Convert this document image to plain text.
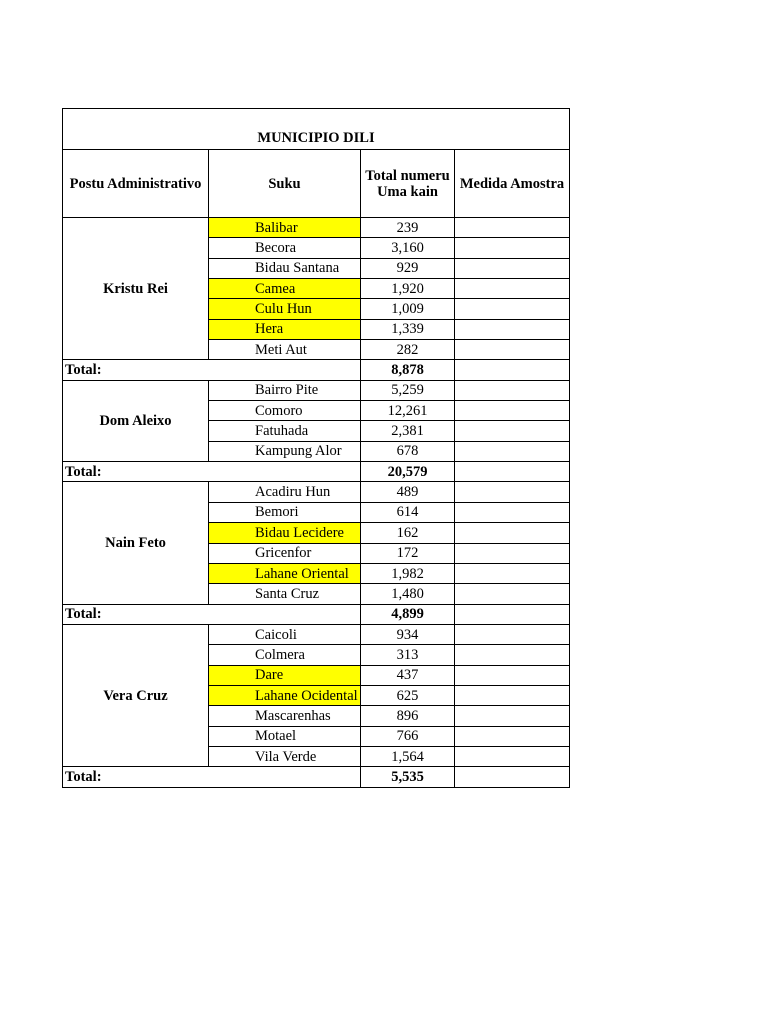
MUNICIPIO DILI			
Postu Administrativo	Suku	Total numeru
Uma kain	Medida Amostra
Kristu Rei	Balibar	239	
	Becora	3,160	
	Bidau Santana	929	
	Camea	1,920	
	Culu Hun	1,009	
	Hera	1,339	
	Meti Aut	282	
Total:		8,878	
Dom Aleixo	Bairro Pite	5,259	
	Comoro	12,261	
	Fatuhada	2,381	
	Kampung Alor	678	
Total:		20,579	
Nain Feto	Acadiru Hun	489	
	Bemori	614	
	Bidau Lecidere	162	
	Gricenfor	172	
	Lahane Oriental	1,982	
	Santa Cruz	1,480	
Total:		4,899	
Vera Cruz	Caicoli	934	
	Colmera	313	
	Dare	437	
	Lahane Ocidental	625	
	Mascarenhas	896	
	Motael	766	
	Vila Verde	1,564	
Total:		5,535	
